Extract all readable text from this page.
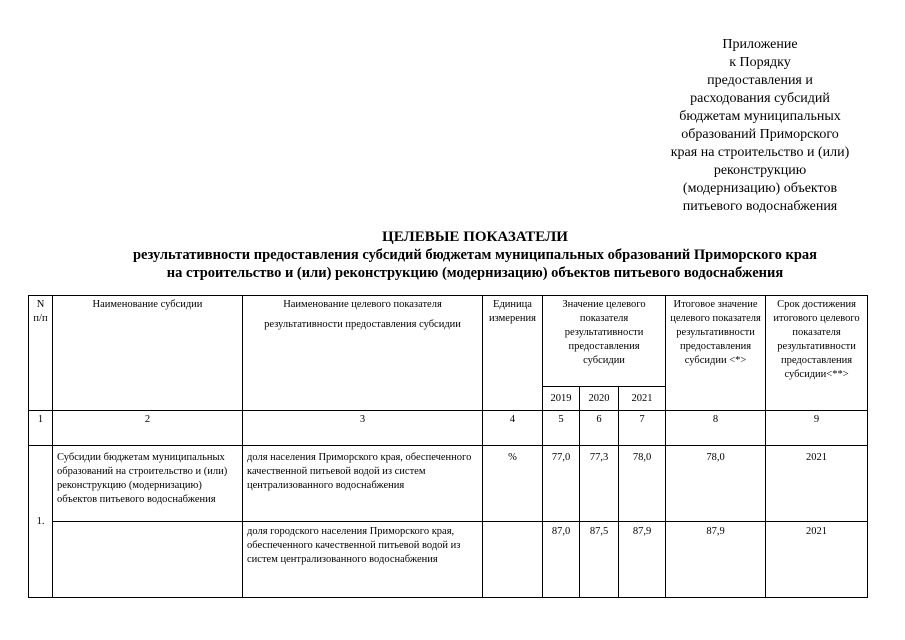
Приложение
к Порядку
предоставления и
расходования субсидий
бюджетам муниципальных
образований Приморского
края на строительство и (или)
реконструкцию
(модернизацию) объектов
питьевого водоснабжения
ЦЕЛЕВЫЕ ПОКАЗАТЕЛИ
результативности предоставления субсидий бюджетам муниципальных образований Приморского края
на строительство и (или) реконструкцию (модернизацию) объектов питьевого водоснабжения
N п/п	Наименование субсидии	Наименование целевого показателя
результативности предоставления субсидии	Единица измерения	Значение целевого показателя результативности предоставления субсидии			Итоговое значение целевого показателя результативности предоставления субсидии <*>	Срок достижения итогового целевого показателя результативности предоставления субсидии<**>
				2019	2020	2021		
1	2	3	4	5	6	7	8	9
1.	Субсидии бюджетам муниципальных образований на строительство и (или) реконструкцию (модернизацию) объектов питьевого водоснабжения	доля населения Приморского края, обеспеченного качественной питьевой водой из систем централизованного водоснабжения	%	77,0	77,3	78,0	78,0	2021
		доля городского населения Приморского края, обеспеченного качественной питьевой водой из систем централизованного водоснабжения		87,0	87,5	87,9	87,9	2021
